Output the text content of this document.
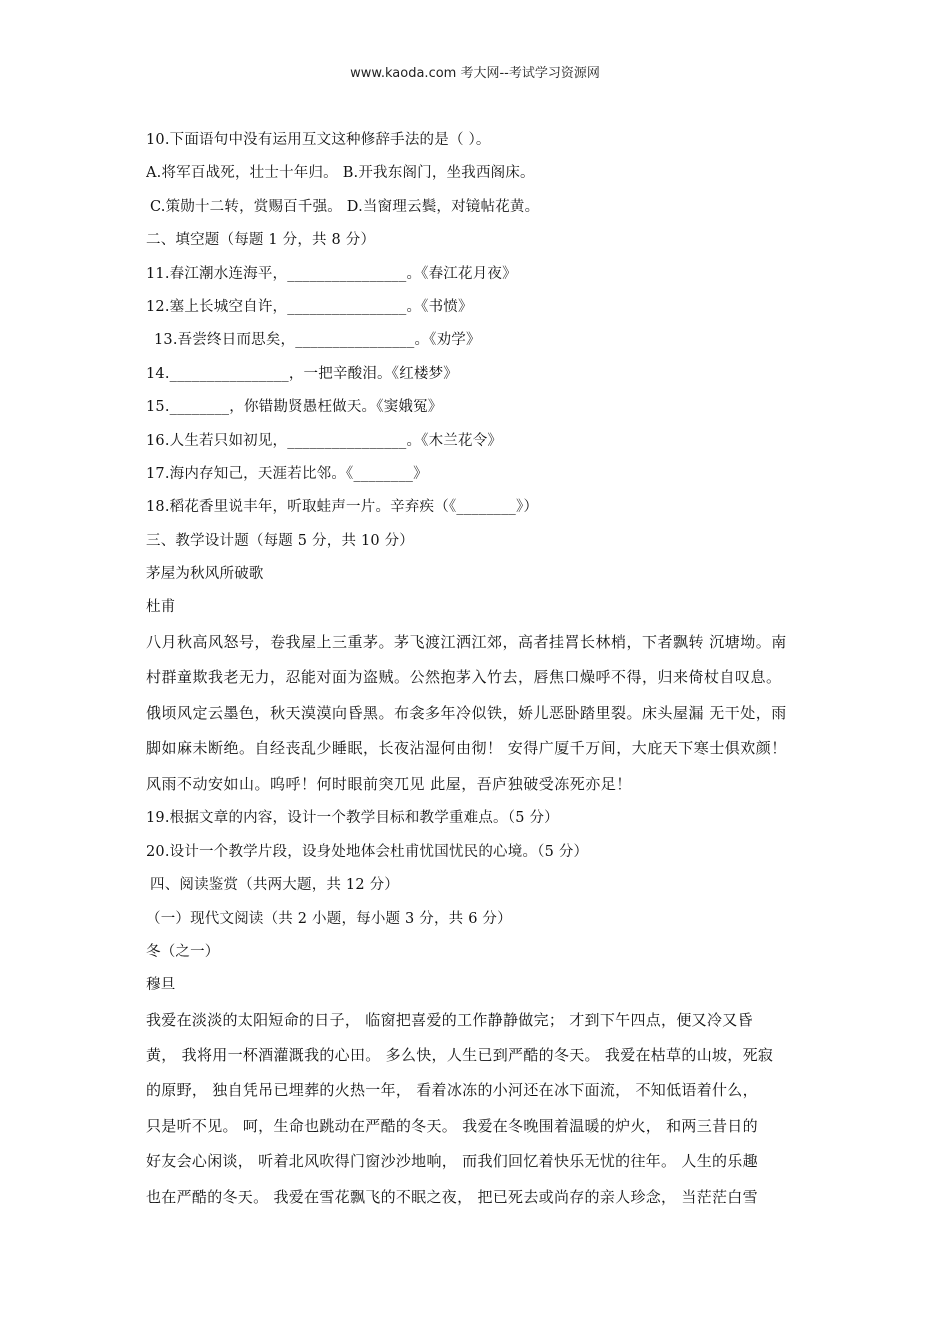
www.kaoda.com 考大网--考试学习资源网
10.下面语句中没有运用互文这种修辞手法的是（ ）。
A.将军百战死，壮士十年归。 B.开我东阁门，坐我西阁床。
C.策勋十二转，赏赐百千强。 D.当窗理云鬓，对镜帖花黄。
二、填空题（每题 1 分，共 8 分）
11.春江潮水连海平，________________。《春江花月夜》
12.塞上长城空自许，________________。《书愤》
13.吾尝终日而思矣，________________。《劝学》
14.________________，一把辛酸泪。《红楼梦》
15.________，你错勘贤愚枉做天。《窦娥冤》
16.人生若只如初见，________________。《木兰花令》
17.海内存知己，天涯若比邻。《________》
18.稻花香里说丰年，听取蛙声一片。辛弃疾（《________》）
三、教学设计题（每题 5 分，共 10 分）
茅屋为秋风所破歌
杜甫
八月秋高风怒号，卷我屋上三重茅。茅飞渡江洒江郊，高者挂罥长林梢，下者飘转 沉塘坳。南
村群童欺我老无力，忍能对面为盗贼。公然抱茅入竹去，唇焦口燥呼不得，归来倚杖自叹息。
俄顷风定云墨色，秋天漠漠向昏黑。布衾多年冷似铁，娇儿恶卧踏里裂。床头屋漏 无干处，雨
脚如麻未断绝。自经丧乱少睡眠，长夜沾湿何由彻！ 安得广厦千万间，大庇天下寒士俱欢颜！
风雨不动安如山。呜呼！何时眼前突兀见 此屋，吾庐独破受冻死亦足！
19.根据文章的内容，设计一个教学目标和教学重难点。（5 分）
20.设计一个教学片段，设身处地体会杜甫忧国忧民的心境。（5 分）
四、阅读鉴赏（共两大题，共 12 分）
（一）现代文阅读（共 2 小题，每小题 3 分，共 6 分）
冬（之一）
穆旦
我爱在淡淡的太阳短命的日子， 临窗把喜爱的工作静静做完； 才到下午四点，便又冷又昏
黄， 我将用一杯酒灌溉我的心田。 多么快，人生已到严酷的冬天。 我爱在枯草的山坡，死寂
的原野， 独自凭吊已埋葬的火热一年， 看着冰冻的小河还在冰下面流， 不知低语着什么，
只是听不见。 呵，生命也跳动在严酷的冬天。 我爱在冬晚围着温暖的炉火， 和两三昔日的
好友会心闲谈， 听着北风吹得门窗沙沙地响， 而我们回忆着快乐无忧的往年。 人生的乐趣
也在严酷的冬天。 我爱在雪花飘飞的不眠之夜， 把已死去或尚存的亲人珍念， 当茫茫白雪
